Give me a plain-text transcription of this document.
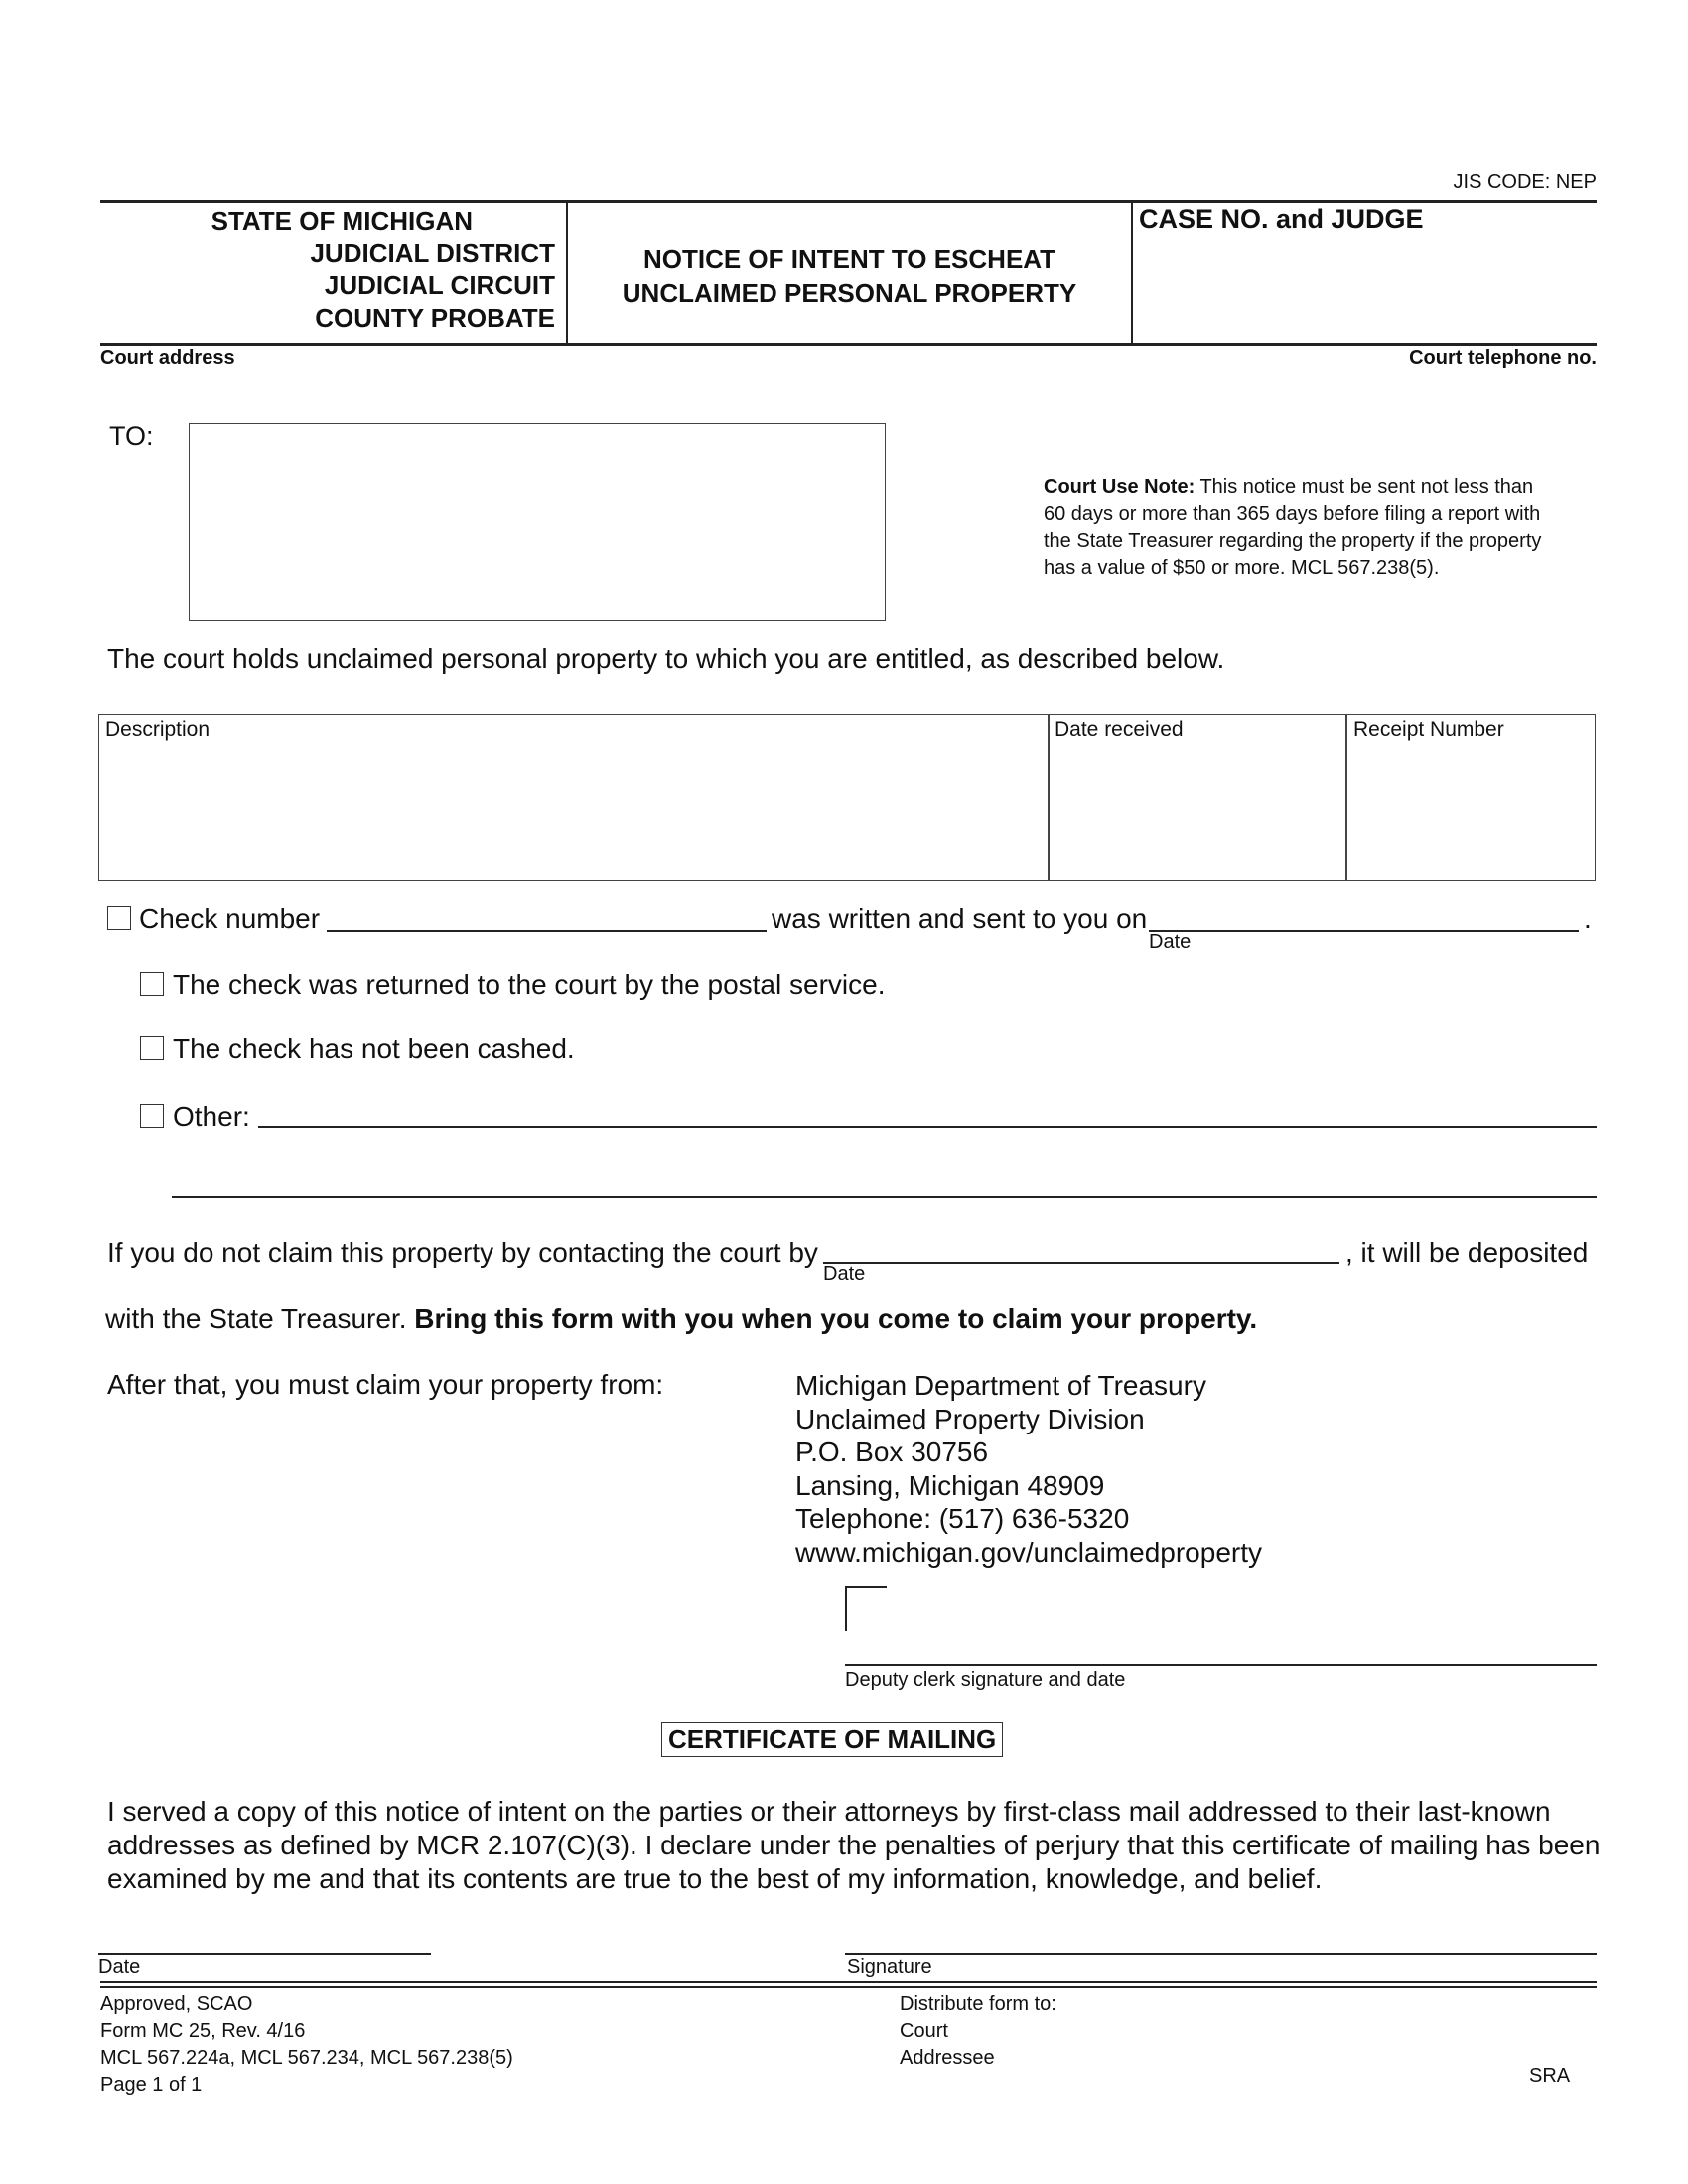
JIS CODE: NEP
STATE OF MICHIGAN
JUDICIAL DISTRICT
JUDICIAL CIRCUIT
COUNTY PROBATE
NOTICE OF INTENT TO ESCHEAT
UNCLAIMED PERSONAL PROPERTY
CASE NO. and JUDGE
Court address	Court telephone no.
TO:
Court Use Note: This notice must be sent not less than
60 days or more than 365 days before filing a report with
the State Treasurer regarding the property if the property
has a value of $50 or more. MCL 567.238(5).
The court holds unclaimed personal property to which you are entitled, as described below.
Description	Date received	Receipt Number
Check number	was written and sent to you on	.
Date
The check was returned to the court by the postal service.
The check has not been cashed.
Other:
If you do not claim this property by contacting the court by
Date
, it will be deposited
with the State Treasurer. Bring this form with you when you come to claim your property.
After that, you must claim your property from:	Michigan Department of Treasury
Unclaimed Property Division
P.O. Box 30756
Lansing, Michigan 48909
Telephone: (517) 636-5320
www.michigan.gov/unclaimedproperty
Deputy clerk signature and date
CERTIFICATE OF MAILING
I served a copy of this notice of intent on the parties or their attorneys by first-class mail addressed to their last-known
addresses as defined by MCR 2.107(C)(3). I declare under the penalties of perjury that this certificate of mailing has been
examined by me and that its contents are true to the best of my information, knowledge, and belief.
Date	Signature
Approved, SCAO
Form MC 25, Rev. 4/16
MCL 567.224a, MCL 567.234, MCL 567.238(5)
Page 1 of 1
Distribute form to:
Court
Addressee
SRA
